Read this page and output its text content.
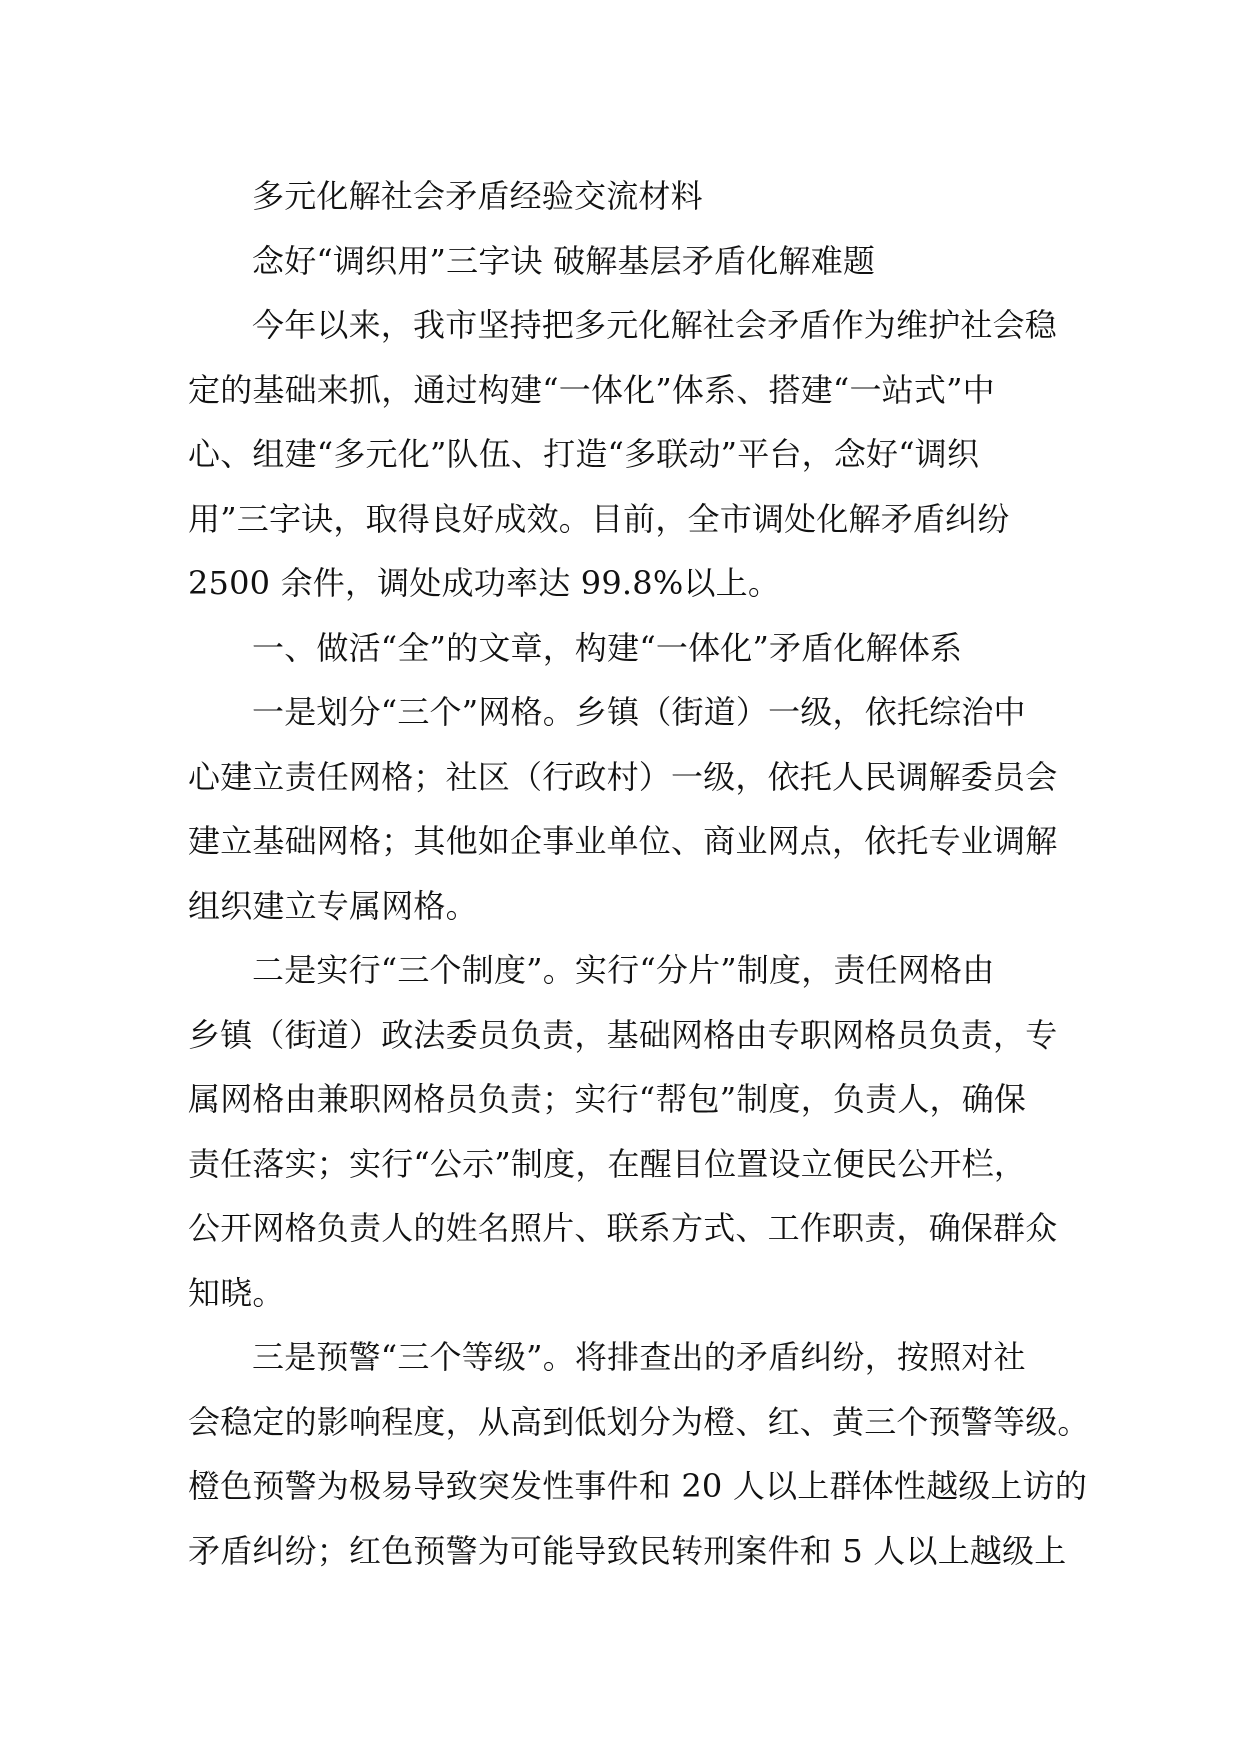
多元化解社会矛盾经验交流材料
念好“调织用”三字诀 破解基层矛盾化解难题
今年以来，我市坚持把多元化解社会矛盾作为维护社会稳
定的基础来抓，通过构建“一体化”体系、搭建“一站式”中
心、组建“多元化”队伍、打造“多联动”平台，念好“调织
用”三字诀，取得良好成效。目前，全市调处化解矛盾纠纷
2500 余件，调处成功率达 99.8%以上。
一、做活“全”的文章，构建“一体化”矛盾化解体系
一是划分“三个”网格。乡镇（街道）一级，依托综治中
心建立责任网格；社区（行政村）一级，依托人民调解委员会
建立基础网格；其他如企事业单位、商业网点，依托专业调解
组织建立专属网格。
二是实行“三个制度”。实行“分片”制度，责任网格由
乡镇（街道）政法委员负责，基础网格由专职网格员负责，专
属网格由兼职网格员负责；实行“帮包”制度，负责人，确保
责任落实；实行“公示”制度，在醒目位置设立便民公开栏，
公开网格负责人的姓名照片、联系方式、工作职责，确保群众
知晓。
三是预警“三个等级”。将排查出的矛盾纠纷，按照对社
会稳定的影响程度，从高到低划分为橙、红、黄三个预警等级。
橙色预警为极易导致突发性事件和 20 人以上群体性越级上访的
矛盾纠纷；红色预警为可能导致民转刑案件和 5 人以上越级上
